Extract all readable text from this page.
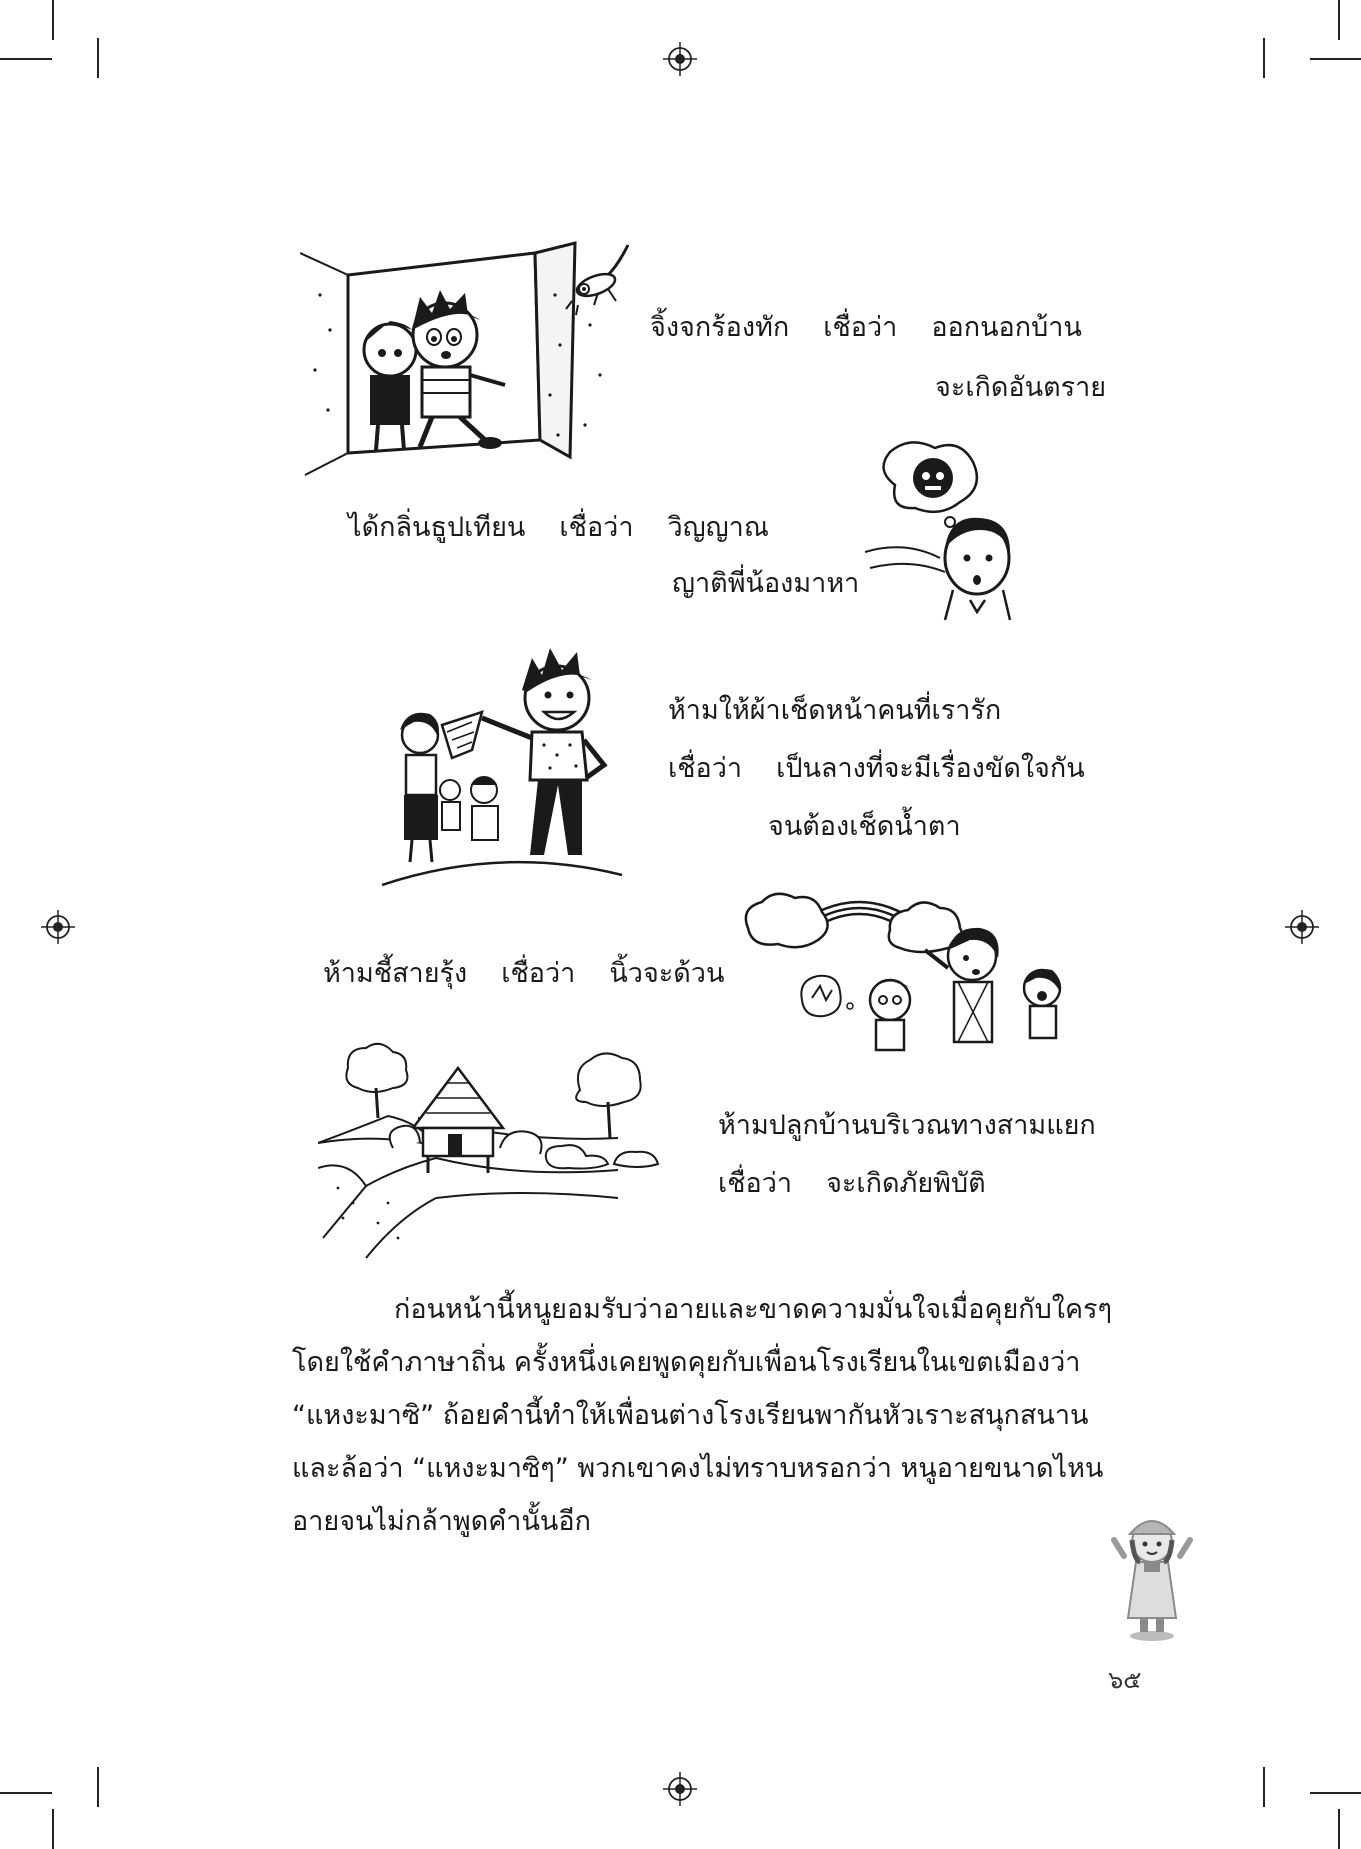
จิ้งจกร้องทัก เชื่อว่า ออกนอกบ้าน
จะเกิดอันตราย
ได้กลิ่นธูปเทียน เชื่อว่า วิญญาณ
ญาติพี่น้องมาหา
ห้ามให้ผ้าเช็ดหน้าคนที่เรารัก
เชื่อว่า เป็นลางที่จะมีเรื่องขัดใจกัน
จนต้องเช็ดน้ำตา
ห้ามชี้สายรุ้ง เชื่อว่า นิ้วจะด้วน
ห้ามปลูกบ้านบริเวณทางสามแยก
เชื่อว่า จะเกิดภัยพิบัติ

ก่อนหน้านี้หนูยอมรับว่าอายและขาดความมั่นใจเมื่อคุยกับใครๆ

โดยใช้คำภาษาถิ่น ครั้งหนึ่งเคยพูดคุยกับเพื่อนโรงเรียนในเขตเมืองว่า

“แหงะมาซิ” ถ้อยคำนี้ทำให้เพื่อนต่างโรงเรียนพากันหัวเราะสนุกสนาน

และล้อว่า “แหงะมาซิๆ” พวกเขาคงไม่ทราบหรอกว่า หนูอายขนาดไหน

อายจนไม่กล้าพูดคำนั้นอีก

๖๕
